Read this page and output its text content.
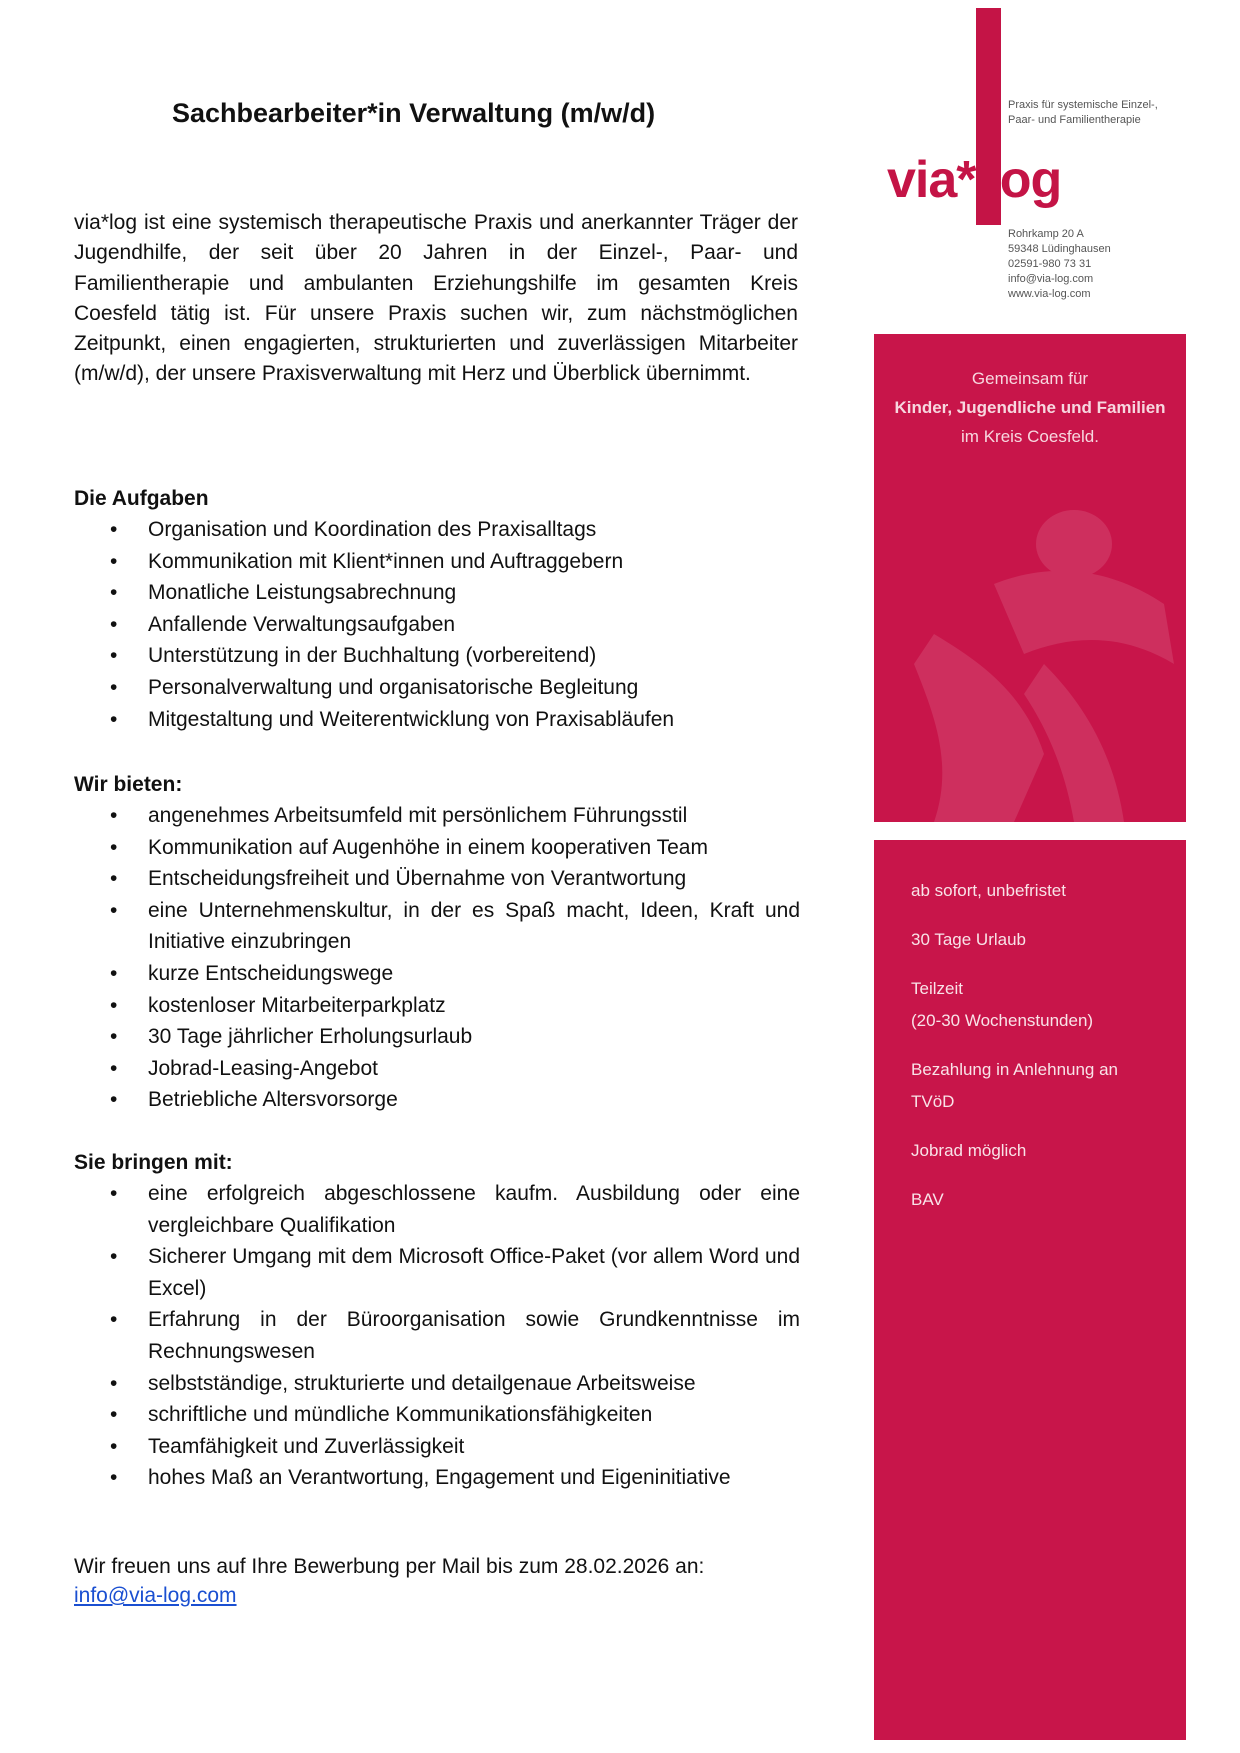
Sachbearbeiter*in Verwaltung (m/w/d)

via*log ist eine systemisch therapeutische Praxis und anerkannter Träger der Jugendhilfe, der seit über 20 Jahren in der Einzel-, Paar- und Familientherapie und ambulanten Erziehungshilfe im gesamten Kreis Coesfeld tätig ist. Für unsere Praxis suchen wir, zum nächstmöglichen Zeitpunkt, einen engagierten, strukturierten und zuverlässigen Mitarbeiter (m/w/d), der unsere Praxisverwaltung mit Herz und Überblick übernimmt.

Die Aufgaben
• Organisation und Koordination des Praxisalltags
• Kommunikation mit Klient*innen und Auftraggebern
• Monatliche Leistungsabrechnung
• Anfallende Verwaltungsaufgaben
• Unterstützung in der Buchhaltung (vorbereitend)
• Personalverwaltung und organisatorische Begleitung
• Mitgestaltung und Weiterentwicklung von Praxisabläufen
Wir bieten:
• angenehmes Arbeitsumfeld mit persönlichem Führungsstil
• Kommunikation auf Augenhöhe in einem kooperativen Team
• Entscheidungsfreiheit und Übernahme von Verantwortung
• eine Unternehmenskultur, in der es Spaß macht, Ideen, Kraft und Initiative einzubringen
• kurze Entscheidungswege
• kostenloser Mitarbeiterparkplatz
• 30 Tage jährlicher Erholungsurlaub
• Jobrad-Leasing-Angebot
• Betriebliche Altersvorsorge
Sie bringen mit:
• eine erfolgreich abgeschlossene kaufm. Ausbildung oder eine vergleichbare Qualifikation
• Sicherer Umgang mit dem Microsoft Office-Paket (vor allem Word und Excel)
• Erfahrung in der Büroorganisation sowie Grundkenntnisse im Rechnungswesen
• selbstständige, strukturierte und detailgenaue Arbeitsweise
• schriftliche und mündliche Kommunikationsfähigkeiten
• Teamfähigkeit und Zuverlässigkeit
• hohes Maß an Verantwortung, Engagement und Eigeninitiative

Wir freuen uns auf Ihre Bewerbung per Mail bis zum 28.02.2026 an:
info@via-log.com

Praxis für systemische Einzel-,
Paar- und Familientherapie
via* log
Rohrkamp 20 A
59348 Lüdinghausen
02591-980 73 31
info@via-log.com
www.via-log.com
Gemeinsam für
Kinder, Jugendliche und Familien
im Kreis Coesfeld.
ab sofort, unbefristet
30 Tage Urlaub
Teilzeit
(20-30 Wochenstunden)
Bezahlung in Anlehnung an
TVöD
Jobrad möglich
BAV
